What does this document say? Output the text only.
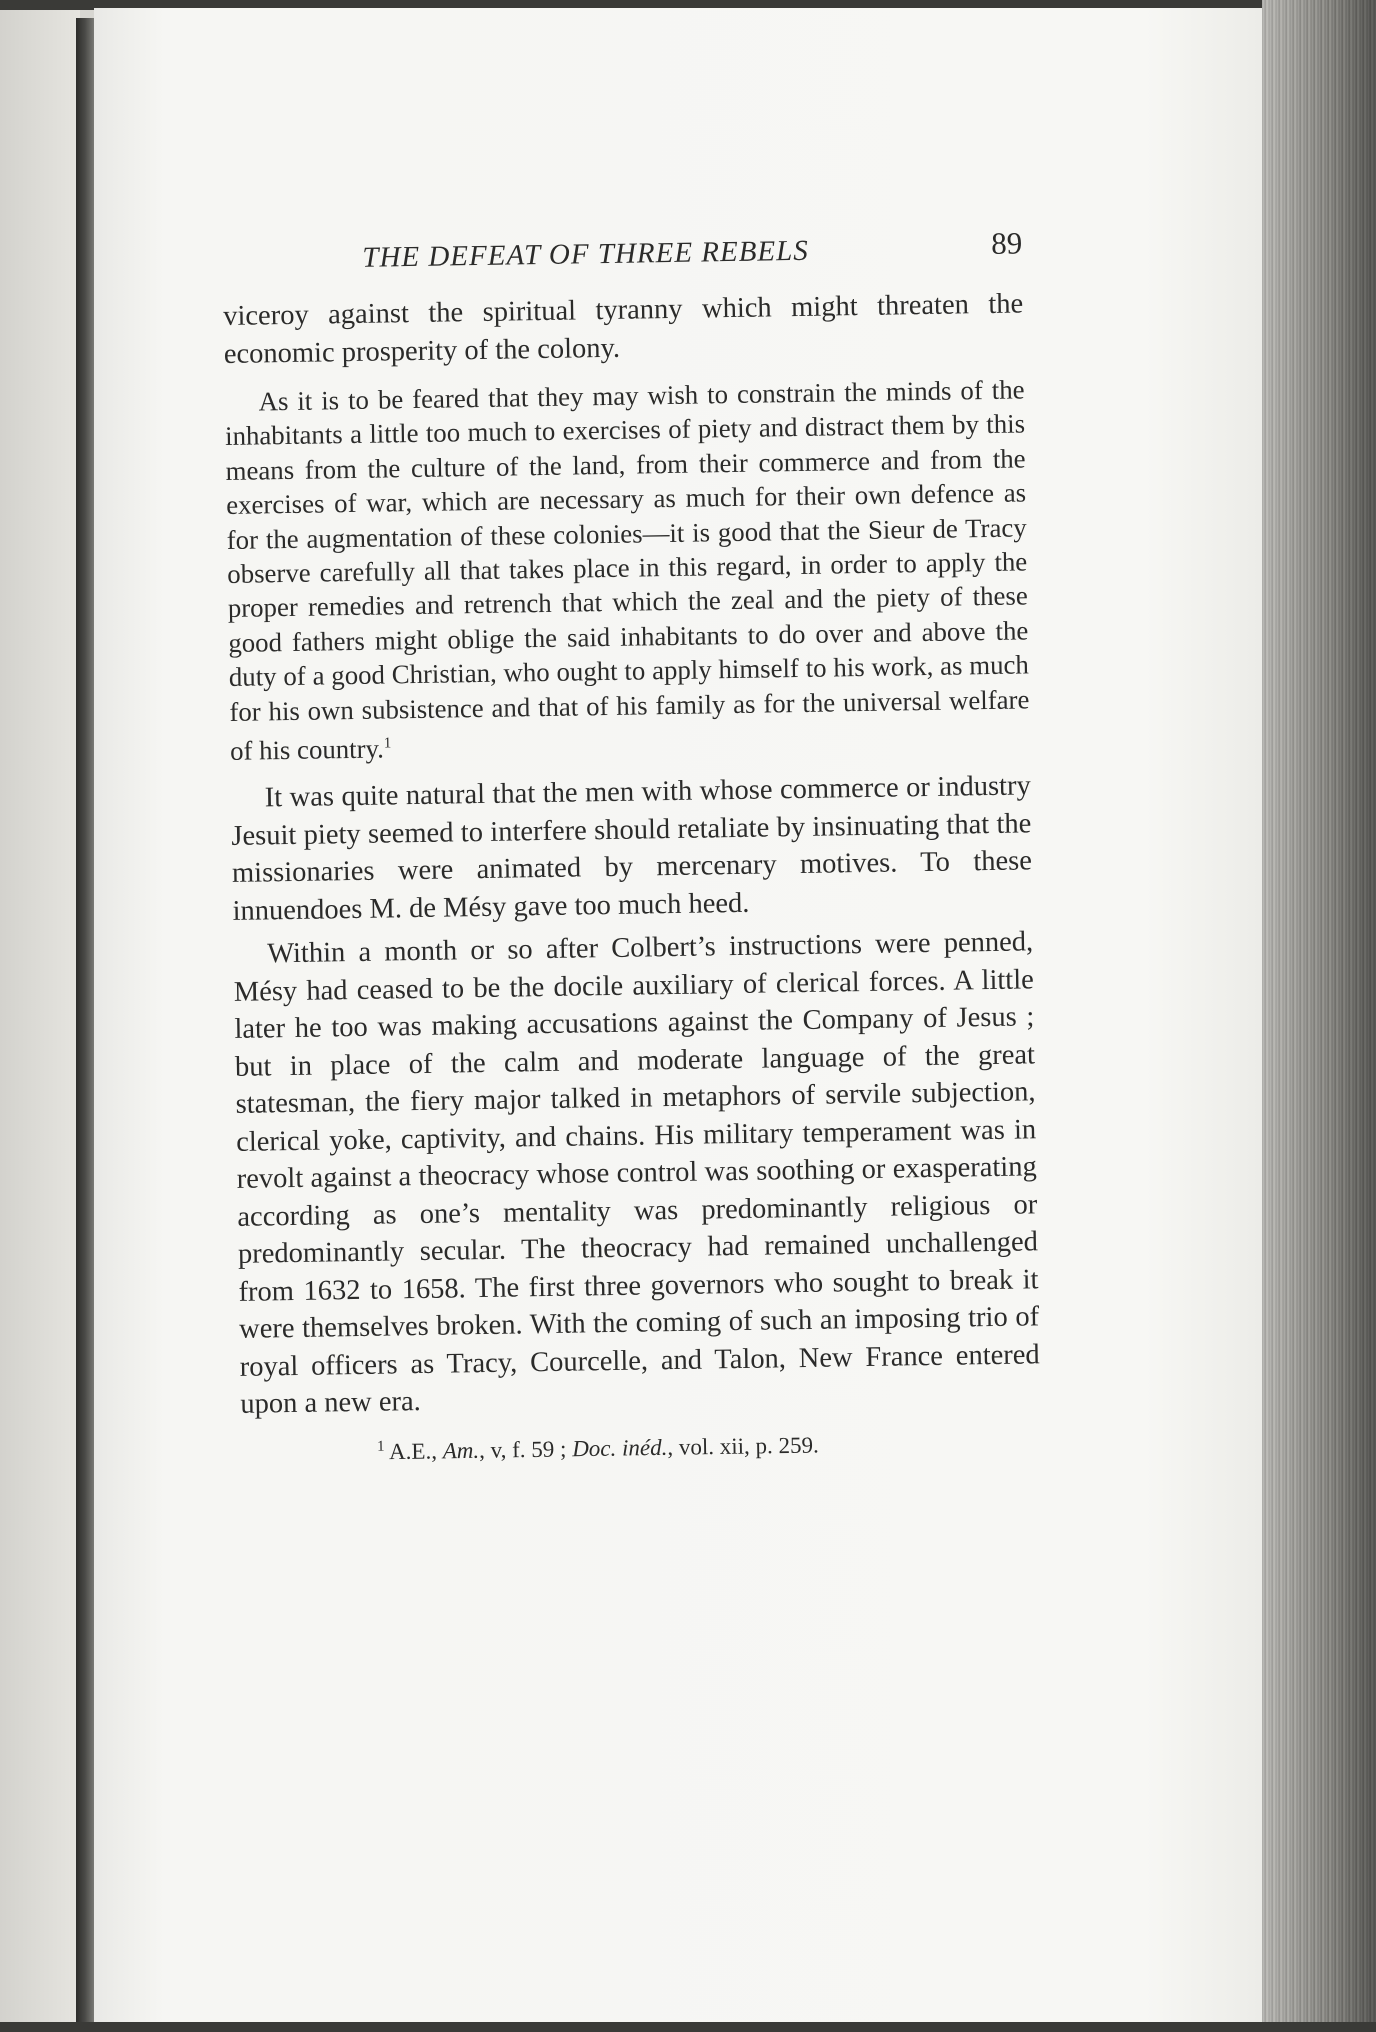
THE DEFEAT OF THREE REBELS	89

viceroy against the spiritual tyranny which might threaten the economic prosperity of the colony.

As it is to be feared that they may wish to constrain the minds of the inhabitants a little too much to exercises of piety and distract them by this means from the culture of the land, from their commerce and from the exercises of war, which are necessary as much for their own defence as for the augmentation of these colonies—it is good that the Sieur de Tracy observe carefully all that takes place in this regard, in order to apply the proper remedies and retrench that which the zeal and the piety of these good fathers might oblige the said inhabitants to do over and above the duty of a good Christian, who ought to apply himself to his work, as much for his own subsistence and that of his family as for the universal welfare of his country.$^1$

It was quite natural that the men with whose commerce or industry Jesuit piety seemed to interfere should retaliate by insinuating that the missionaries were animated by mercenary motives. To these innuendoes M. de Mésy gave too much heed.

Within a month or so after Colbert’s instructions were penned, Mésy had ceased to be the docile auxiliary of clerical forces. A little later he too was making accusations against the Company of Jesus ; but in place of the calm and moderate language of the great statesman, the fiery major talked in metaphors of servile subjection, clerical yoke, captivity, and chains. His military temperament was in revolt against a theocracy whose control was soothing or exasperating according as one’s mentality was predominantly religious or predominantly secular. The theocracy had remained unchallenged from 1632 to 1658. The first three governors who sought to break it were themselves broken. With the coming of such an imposing trio of royal officers as Tracy, Courcelle, and Talon, New France entered upon a new era.

$^1$ A.E., Am., v, f. 59 ; Doc. inéd., vol. xii, p. 259.
